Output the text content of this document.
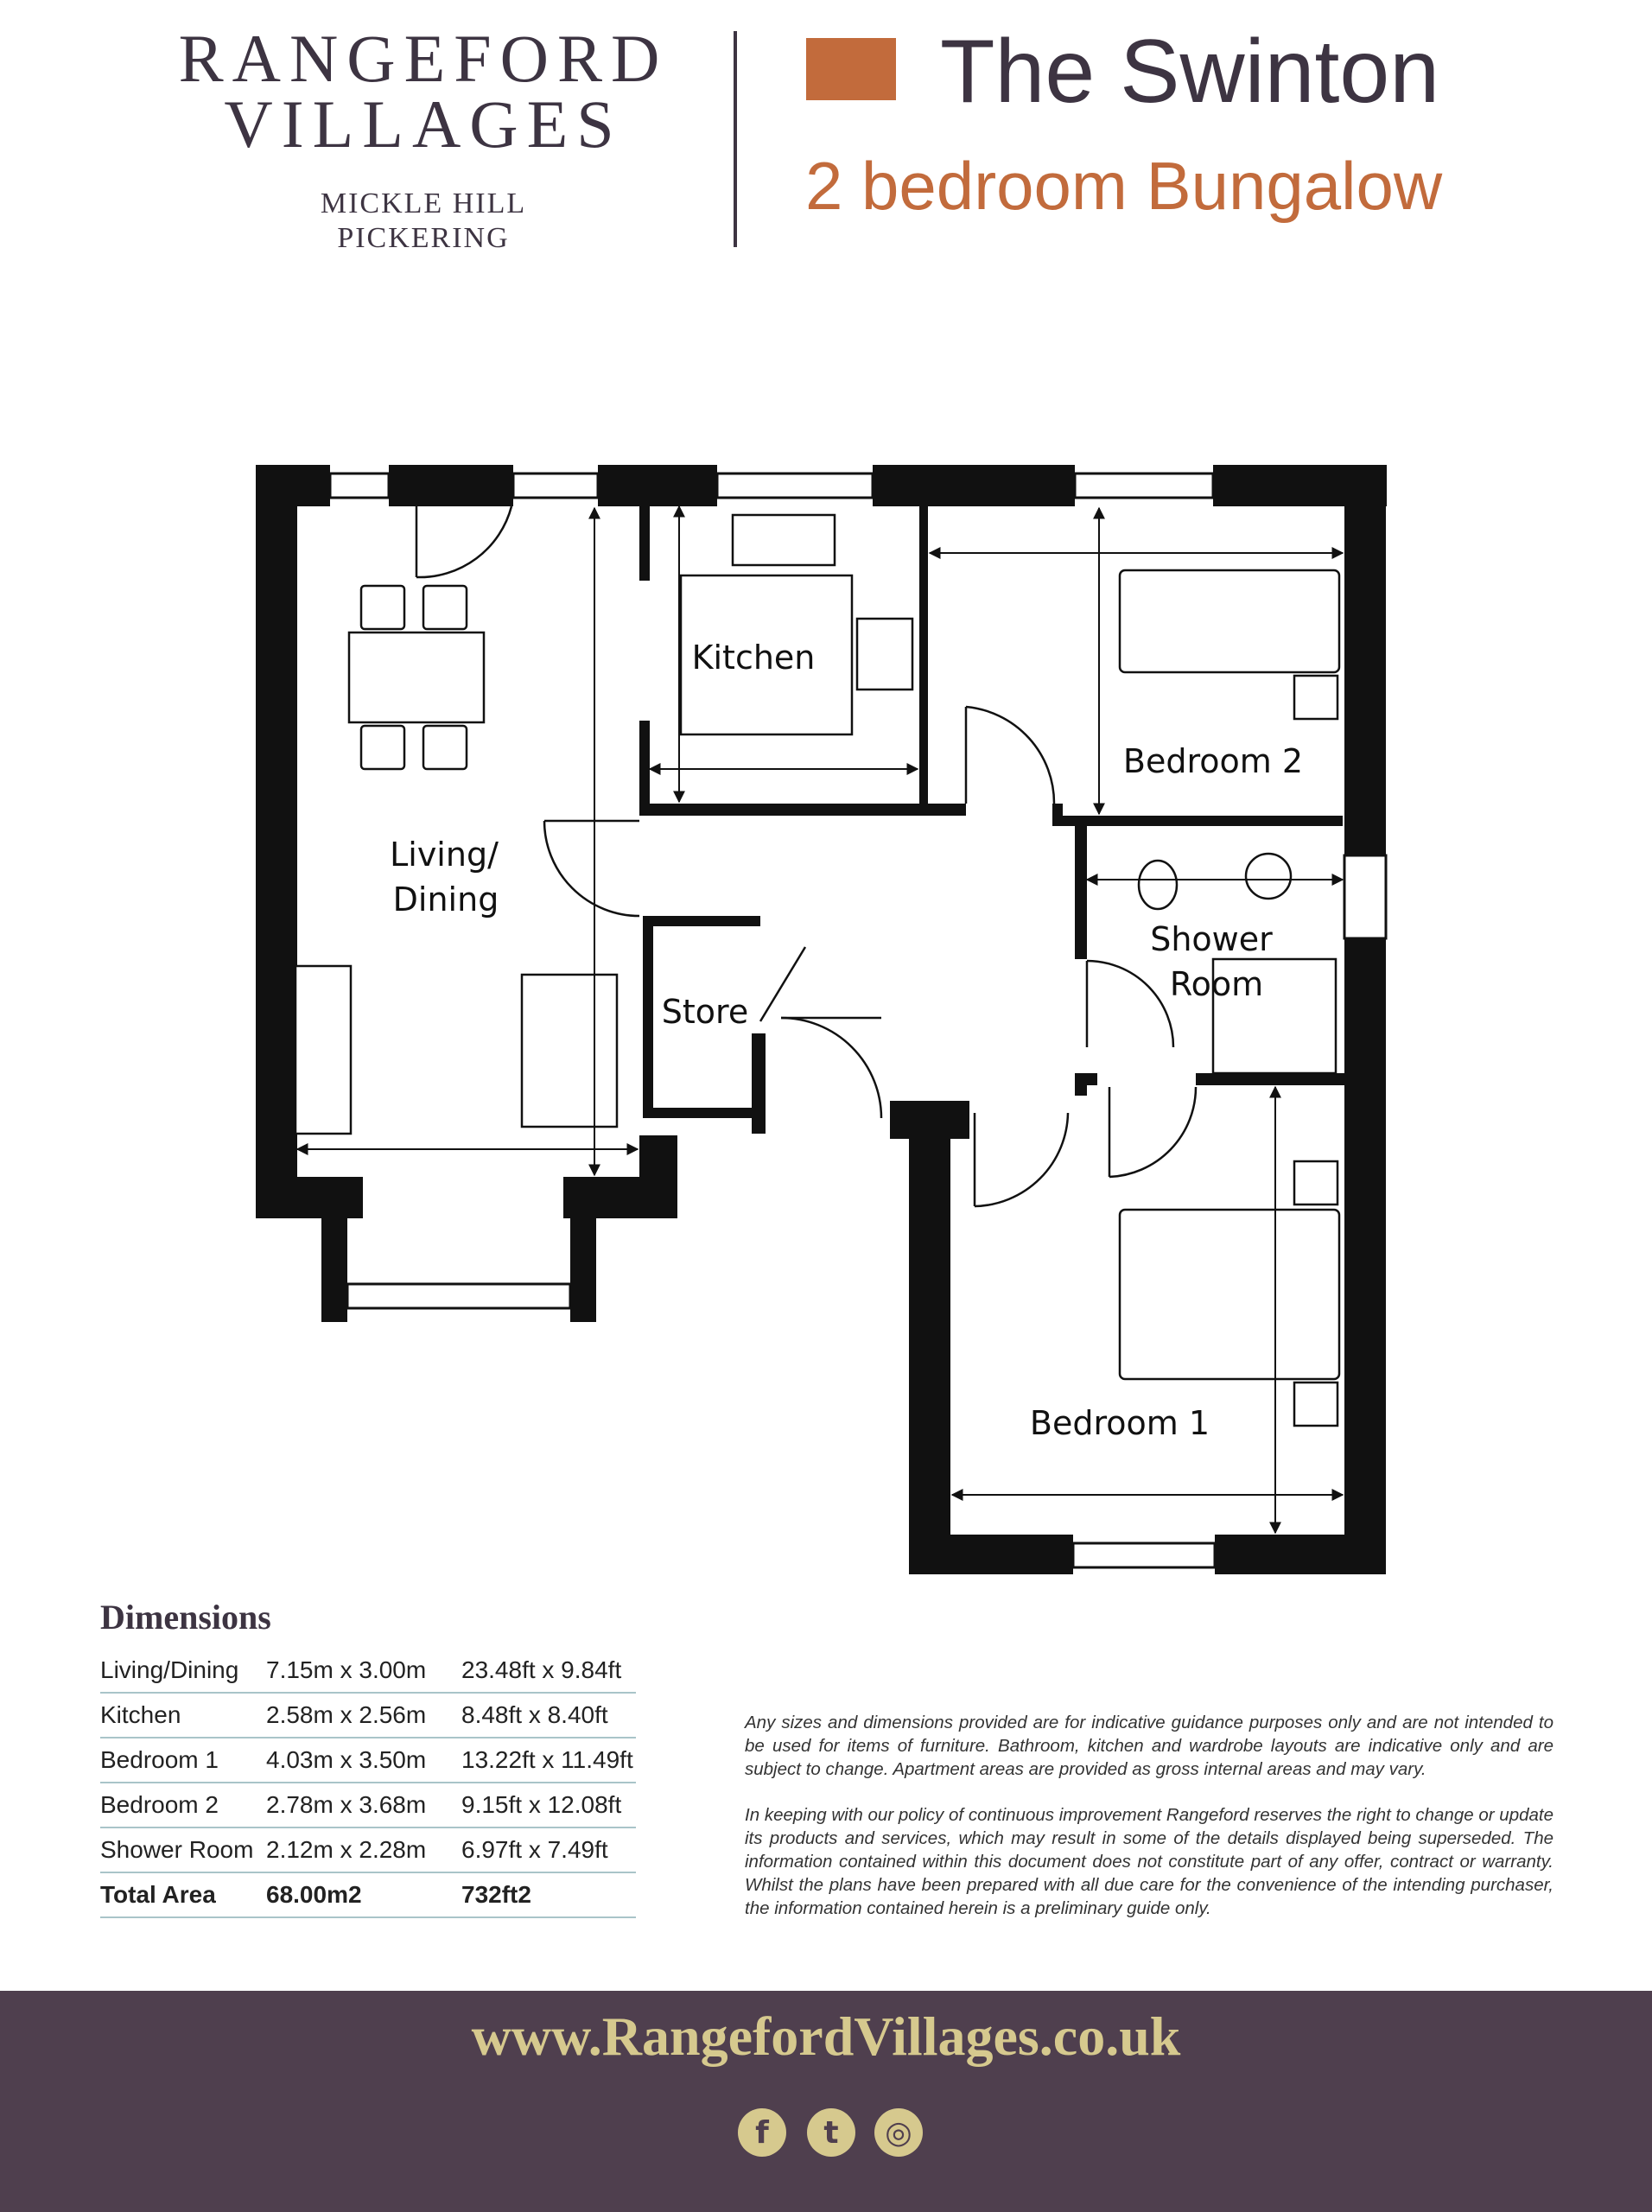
RANGEFORD
VILLAGES
MICKLE HILL
PICKERING
The Swinton
2 bedroom Bungalow
Kitchen
Bedroom 2
Living/
Dining
Shower
Room
Store
Bedroom 1
Dimensions
Living/Dining	7.15m x 3.00m	23.48ft x 9.84ft
Kitchen	2.58m x 2.56m	8.48ft x 8.40ft
Bedroom 1	4.03m x 3.50m	13.22ft x 11.49ft
Bedroom 2	2.78m x 3.68m	9.15ft x 12.08ft
Shower Room	2.12m x 2.28m	6.97ft x 7.49ft
Total Area	68.00m2	732ft2

Any sizes and dimensions provided are for indicative guidance purposes only and are not intended to be used for items of furniture. Bathroom, kitchen and wardrobe layouts are indicative only and are subject to change. Apartment areas are provided as gross internal areas and may vary.

In keeping with our policy of continuous improvement Rangeford reserves the right to change or update its products and services, which may result in some of the details displayed being superseded. The information contained within this document does not constitute part of any offer, contract or warranty. Whilst the plans have been prepared with all due care for the convenience of the intending purchaser, the information contained herein is a preliminary guide only.

www.RangefordVillages.co.uk
f	t	◎
